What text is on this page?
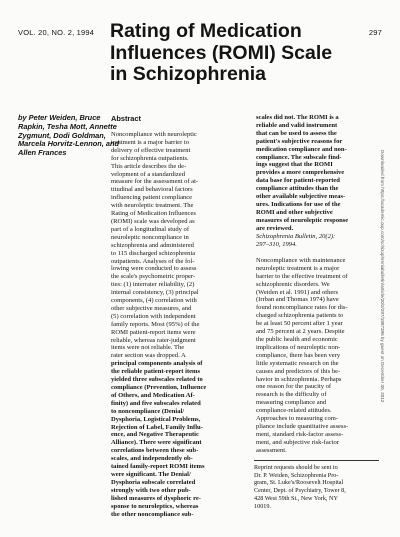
VOL. 20, NO. 2, 1994	297
Rating of Medication
Influences (ROMI) Scale
in Schizophrenia
by Peter Weiden, Bruce
Rapkin, Tesha Mott, Annette
Zygmunt, Dodi Goldman,
Marcela Horvitz-Lennon, and
Allen Frances
Abstract
Noncompliance with neuroleptic
treatment is a major barrier to
delivery of effective treatment
for schizophrenia outpatients.
This article describes the de-
velopment of a standardized
measure for the assessment of at-
titudinal and behavioral factors
influencing patient compliance
with neuroleptic treatment. The
Rating of Medication Influences
(ROMI) scale was developed as
part of a longitudinal study of
neuroleptic noncompliance in
schizophrenia and administered
to 115 discharged schizophrenia
outpatients. Analyses of the fol-
lowing were conducted to assess
the scale's psychometric proper-
ties: (1) interrater reliability, (2)
internal consistency, (3) principal
components, (4) correlation with
other subjective measures, and
(5) correlation with independent
family reports. Most (95%) of the
ROMI patient-report items were
reliable, whereas rater-judgment
items were not reliable. The
rater section was dropped. A
principal components analysis of
the reliable patient-report items
yielded three subscales related to
compliance (Prevention, Influence
of Others, and Medication Af-
finity) and five subscales related
to noncompliance (Denial/
Dysphoria, Logistical Problems,
Rejection of Label, Family Influ-
ence, and Negative Therapeutic
Alliance). There were significant
correlations between these sub-
scales, and independently ob-
tained family-report ROMI items
were significant. The Denial/
Dysphoria subscale correlated
strongly with two other pub-
lished measures of dysphoric re-
sponse to neuroleptics, whereas
the other noncompliance sub-
scales did not. The ROMI is a
reliable and valid instrument
that can be used to assess the
patient's subjective reasons for
medication compliance and non-
compliance. The subscale find-
ings suggest that the ROMI
provides a more comprehensive
data base for patient-reported
compliance attitudes than the
other available subjective meas-
ures. Indications for use of the
ROMI and other subjective
measures of neuroleptic response
are reviewed.
Schizophrenia Bulletin, 20(2):
297–310, 1994.
Noncompliance with maintenance
neuroleptic treatment is a major
barrier to the effective treatment of
schizophrenic disorders. We
(Weiden et al. 1991) and others
(Irrban and Thomas 1974) have
found noncompliance rates for dis-
charged schizophrenia patients to
be at least 50 percent after 1 year
and 75 percent at 2 years. Despite
the public health and economic
implications of neuroleptic non-
compliance, there has been very
little systematic research on the
causes and predictors of this be-
havior in schizophrenia. Perhaps
one reason for the paucity of
research is the difficulty of
measuring compliance and
compliance-related attitudes.
Approaches to measuring com-
pliance include quantitative assess-
ment, standard risk-factor assess-
ment, and subjective risk-factor
assessment.
Reprint requests should be sent to
Dr. P. Weiden, Schizophrenia Pro-
gram, St. Luke's/Roosevelt Hospital
Center, Dept. of Psychiatry, Tower 8,
428 West 59th St., New York, NY
10019.
Downloaded from https://academic.oup.com/schizophreniabulletin/article/20/2/297/1887396 by guest on December 30, 2012
